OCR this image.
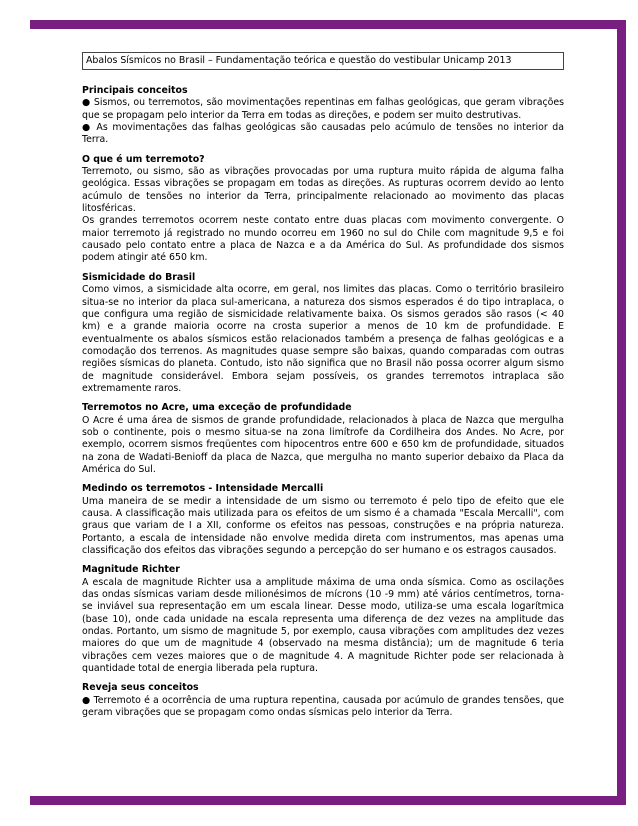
Abalos Sísmicos no Brasil – Fundamentação teórica e questão do vestibular Unicamp 2013
Principais conceitos

● Sismos, ou terremotos, são movimentações repentinas em falhas geológicas, que geram vibrações que se propagam pelo interior da Terra em todas as direções, e podem ser muito destrutivas.

● As movimentações das falhas geológicas são causadas pelo acúmulo de tensões no interior da Terra.

O que é um terremoto?

Terremoto, ou sismo, são as vibrações provocadas por uma ruptura muito rápida de alguma falha geológica. Essas vibrações se propagam em todas as direções. As rupturas ocorrem devido ao lento acúmulo de tensões no interior da Terra, principalmente relacionado ao movimento das placas litosféricas.

Os grandes terremotos ocorrem neste contato entre duas placas com movimento convergente. O maior terremoto já registrado no mundo ocorreu em 1960 no sul do Chile com magnitude 9,5 e foi causado pelo contato entre a placa de Nazca e a da América do Sul. As profundidade dos sismos podem atingir até 650 km.

Sismicidade do Brasil

Como vimos, a sismicidade alta ocorre, em geral, nos limites das placas. Como o território brasileiro situa-se no interior da placa sul-americana, a natureza dos sismos esperados é do tipo intraplaca, o que configura uma região de sismicidade relativamente baixa. Os sismos gerados são rasos (< 40 km) e a grande maioria ocorre na crosta superior a menos de 10 km de profundidade. E eventualmente os abalos sísmicos estão relacionados também a presença de falhas geológicas e a comodação dos terrenos. As magnitudes quase sempre são baixas, quando comparadas com outras regiões sísmicas do planeta. Contudo, isto não significa que no Brasil não possa ocorrer algum sismo de magnitude considerável. Embora sejam possíveis, os grandes terremotos intraplaca são extremamente raros.

Terremotos no Acre, uma exceção de profundidade

O Acre é uma área de sismos de grande profundidade, relacionados à placa de Nazca que mergulha sob o continente, pois o mesmo situa-se na zona limítrofe da Cordilheira dos Andes. No Acre, por exemplo, ocorrem sismos freqüentes com hipocentros entre 600 e 650 km de profundidade, situados na zona de Wadati-Benioff da placa de Nazca, que mergulha no manto superior debaixo da Placa da América do Sul.

Medindo os terremotos - Intensidade Mercalli

Uma maneira de se medir a intensidade de um sismo ou terremoto é pelo tipo de efeito que ele causa. A classificação mais utilizada para os efeitos de um sismo é a chamada "Escala Mercalli", com graus que variam de I a XII, conforme os efeitos nas pessoas, construções e na própria natureza. Portanto, a escala de intensidade não envolve medida direta com instrumentos, mas apenas uma classificação dos efeitos das vibrações segundo a percepção do ser humano e os estragos causados.

Magnitude Richter

A escala de magnitude Richter usa a amplitude máxima de uma onda sísmica. Como as oscilações das ondas sísmicas variam desde milionésimos de mícrons (10 -9 mm) até vários centímetros, torna-se inviável sua representação em um escala linear. Desse modo, utiliza-se uma escala logarítmica (base 10), onde cada unidade na escala representa uma diferença de dez vezes na amplitude das ondas. Portanto, um sismo de magnitude 5, por exemplo, causa vibrações com amplitudes dez vezes maiores do que um de magnitude 4 (observado na mesma distância); um de magnitude 6 teria vibrações cem vezes maiores que o de magnitude 4. A magnitude Richter pode ser relacionada à quantidade total de energia liberada pela ruptura.

Reveja seus conceitos

● Terremoto é a ocorrência de uma ruptura repentina, causada por acúmulo de grandes tensões, que geram vibrações que se propagam como ondas sísmicas pelo interior da Terra.
